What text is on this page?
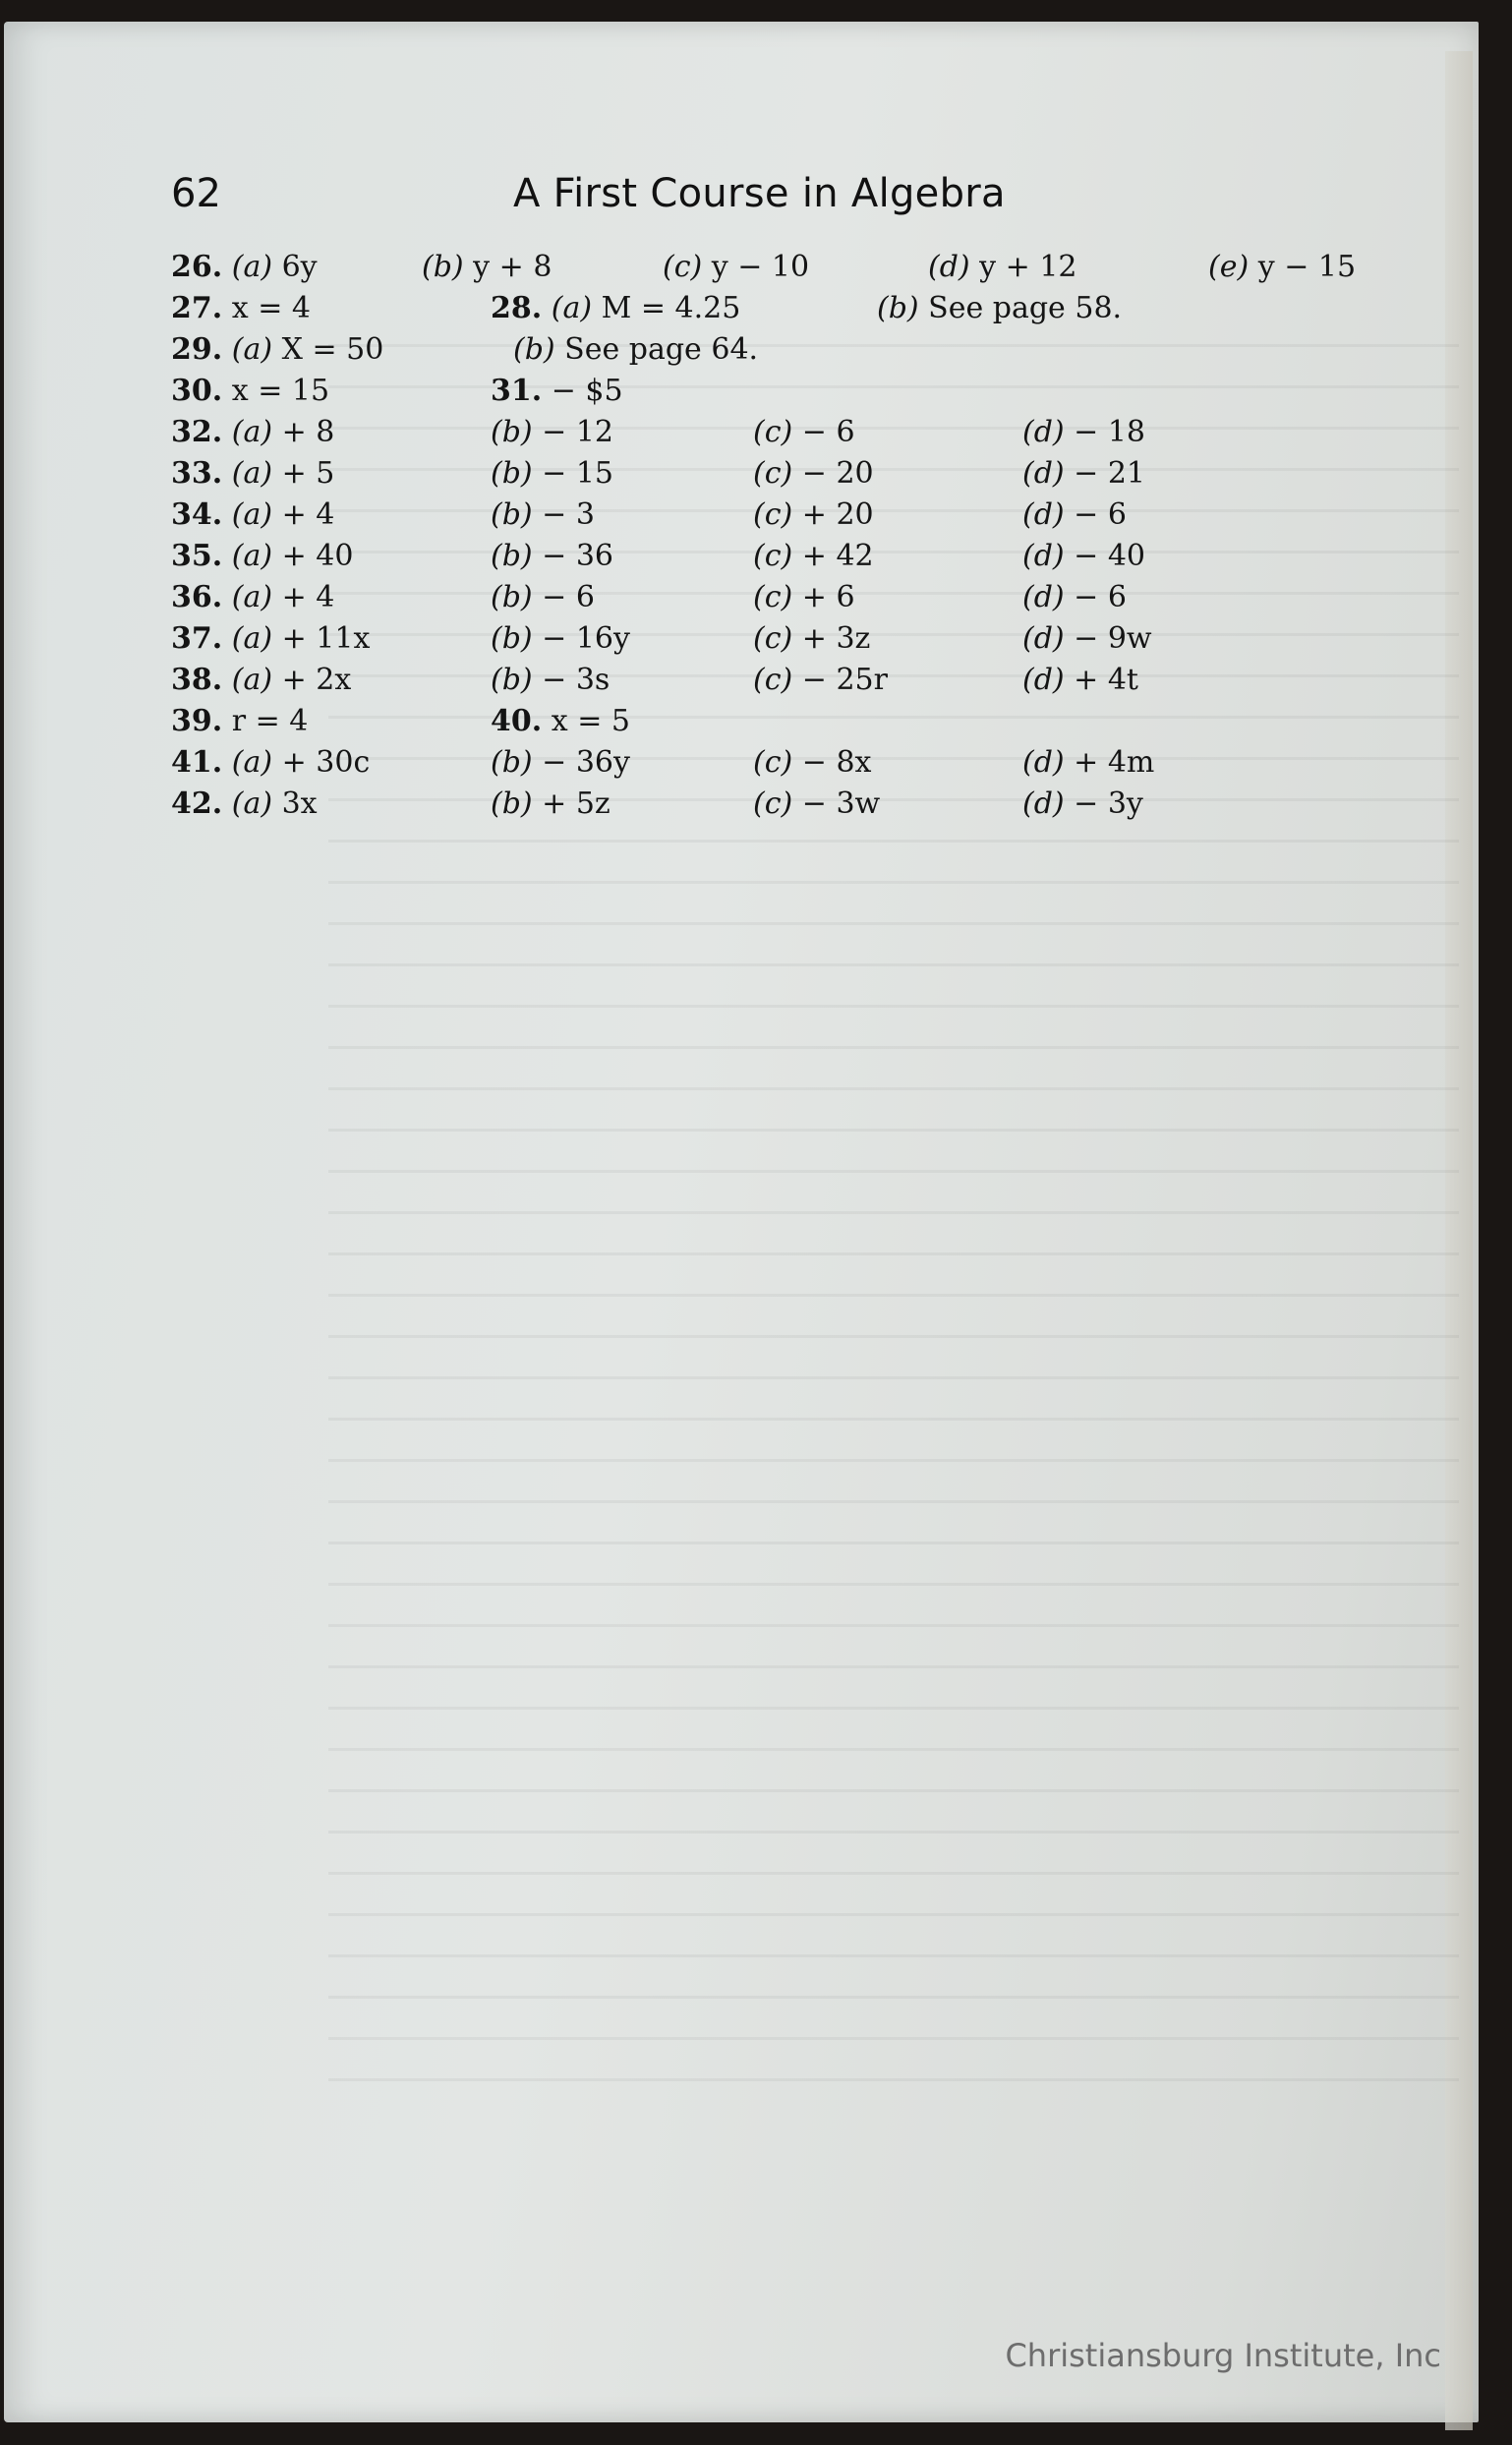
62	A First Course in Algebra
26. (a) 6y	(b) y + 8	(c) y − 10	(d) y + 12	(e) y − 15
27. x = 4	28. (a) M = 4.25	(b) See page 58.
29. (a) X = 50	(b) See page 64.
30. x = 15	31. − $5
32. (a) + 8	(b) − 12	(c) − 6	(d) − 18
33. (a) + 5	(b) − 15	(c) − 20	(d) − 21
34. (a) + 4	(b) − 3	(c) + 20	(d) − 6
35. (a) + 40	(b) − 36	(c) + 42	(d) − 40
36. (a) + 4	(b) − 6	(c) + 6	(d) − 6
37. (a) + 11x	(b) − 16y	(c) + 3z	(d) − 9w
38. (a) + 2x	(b) − 3s	(c) − 25r	(d) + 4t
39. r = 4	40. x = 5
41. (a) + 30c	(b) − 36y	(c) − 8x	(d) + 4m
42. (a) 3x	(b) + 5z	(c) − 3w	(d) − 3y
Christiansburg Institute, Inc
